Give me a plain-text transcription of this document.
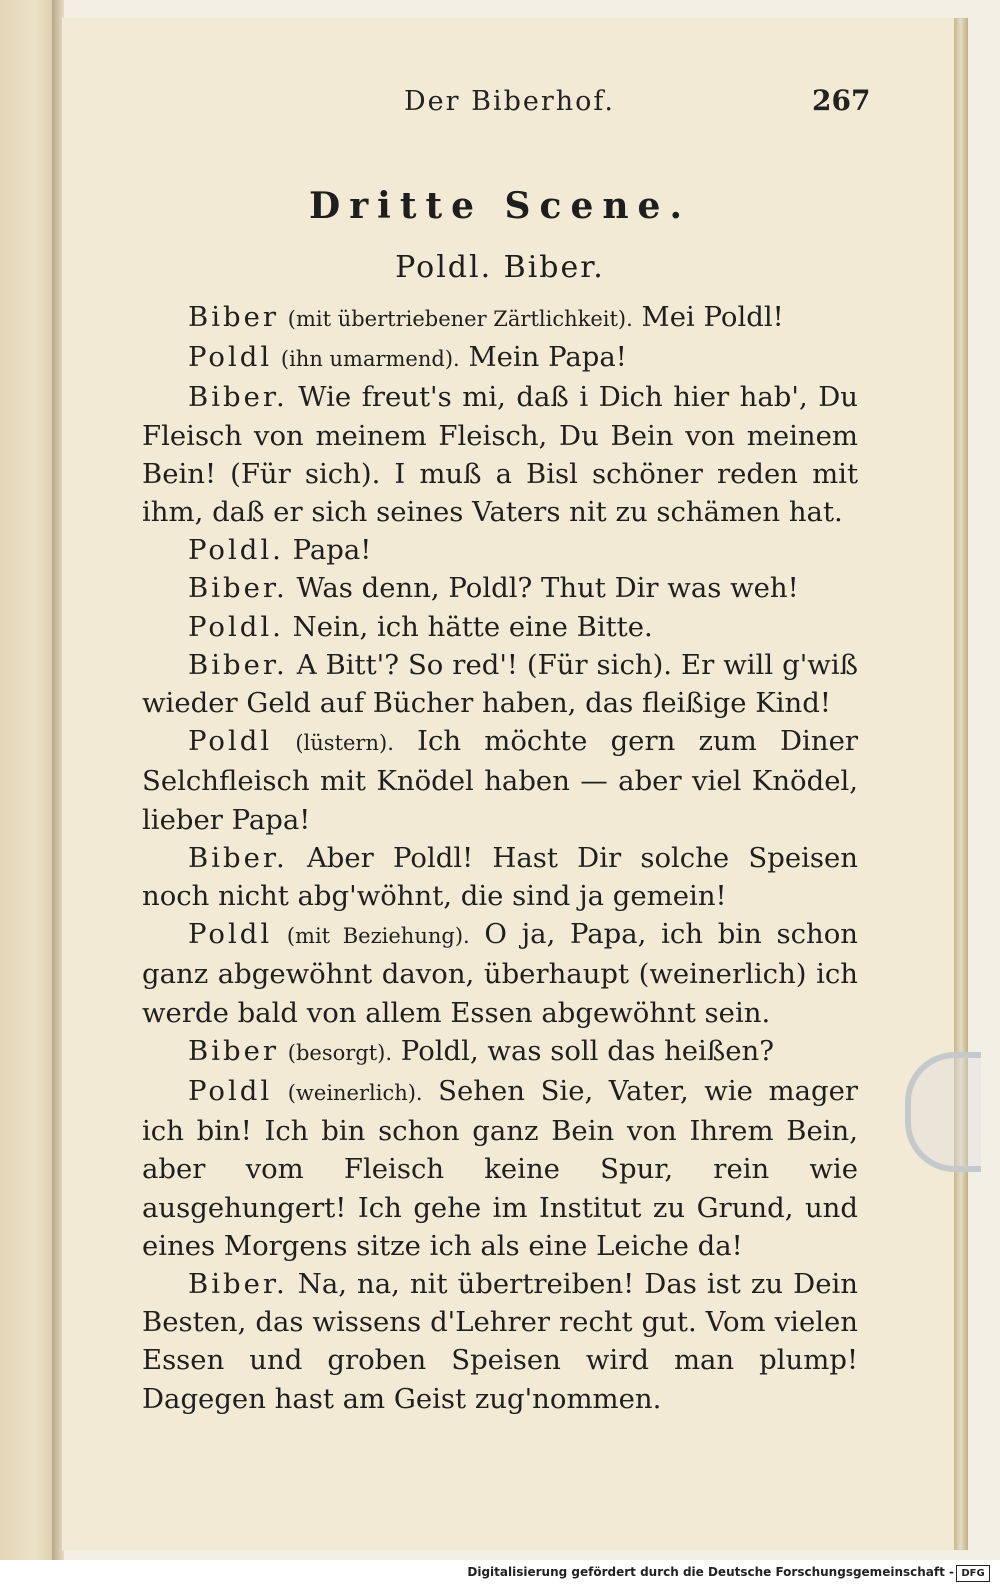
Der Biberhof.	267
Dritte Scene.
Poldl. Biber.

Biber (mit übertriebener Zärtlichkeit). Mei Poldl!

Poldl (ihn umarmend). Mein Papa!

Biber. Wie freut's mi, daß i Dich hier hab', Du Fleisch von meinem Fleisch, Du Bein von meinem Bein! (Für sich). I muß a Bisl schöner reden mit ihm, daß er sich seines Vaters nit zu schämen hat.

Poldl. Papa!

Biber. Was denn, Poldl? Thut Dir was weh!

Poldl. Nein, ich hätte eine Bitte.

Biber. A Bitt'? So red'! (Für sich). Er will g'wiß wieder Geld auf Bücher haben, das fleißige Kind!

Poldl (lüstern). Ich möchte gern zum Diner Selchfleisch mit Knödel haben — aber viel Knödel, lieber Papa!

Biber. Aber Poldl! Hast Dir solche Speisen noch nicht abg'wöhnt, die sind ja gemein!

Poldl (mit Beziehung). O ja, Papa, ich bin schon ganz abgewöhnt davon, überhaupt (weinerlich) ich werde bald von allem Essen abgewöhnt sein.

Biber (besorgt). Poldl, was soll das heißen?

Poldl (weinerlich). Sehen Sie, Vater, wie mager ich bin! Ich bin schon ganz Bein von Ihrem Bein, aber vom Fleisch keine Spur, rein wie ausgehungert! Ich gehe im Institut zu Grund, und eines Morgens sitze ich als eine Leiche da!

Biber. Na, na, nit übertreiben! Das ist zu Dein Besten, das wissens d'Lehrer recht gut. Vom vielen Essen und groben Speisen wird man plump! Dagegen hast am Geist zug'nommen.

Digitalisierung gefördert durch die Deutsche Forschungsgemeinschaft - DFG
